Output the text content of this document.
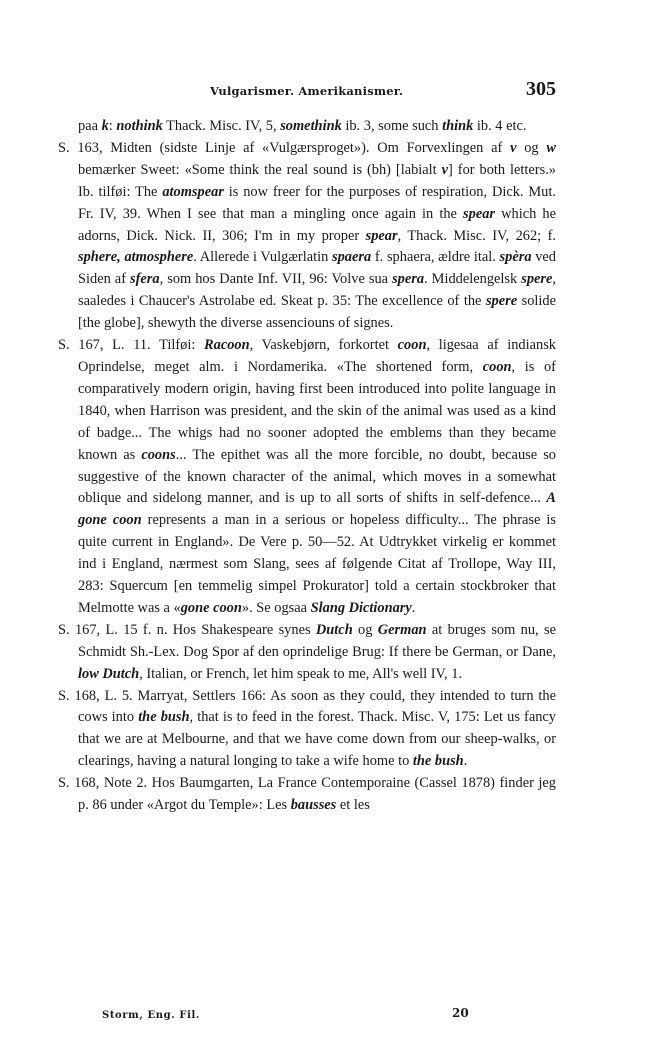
Vulgarismer. Amerikanismer.	305

paa k: nothink Thack. Misc. IV, 5, somethink ib. 3, some such think ib. 4 etc.

S. 163, Midten (sidste Linje af «Vulgærsproget»). Om Forvexlingen af v og w bemærker Sweet: «Some think the real sound is (bh) [labialt v] for both letters.» Ib. tilføi: The atomspear is now freer for the purposes of respiration, Dick. Mut. Fr. IV, 39. When I see that man a mingling once again in the spear which he adorns, Dick. Nick. II, 306; I'm in my proper spear, Thack. Misc. IV, 262; f. sphere, atmosphere. Allerede i Vulgærlatin spaera f. sphaera, ældre ital. spèra ved Siden af sfera, som hos Dante Inf. VII, 96: Volve sua spera. Middelengelsk spere, saaledes i Chaucer's Astrolabe ed. Skeat p. 35: The excellence of the spere solide [the globe], shewyth the diverse assenciouns of signes.

S. 167, L. 11. Tilføi: Racoon, Vaskebjørn, forkortet coon, ligesaa af indiansk Oprindelse, meget alm. i Nordamerika. «The shortened form, coon, is of comparatively modern origin, having first been introduced into polite language in 1840, when Harrison was president, and the skin of the animal was used as a kind of badge... The whigs had no sooner adopted the emblems than they became known as coons... The epithet was all the more forcible, no doubt, because so suggestive of the known character of the animal, which moves in a somewhat oblique and sidelong manner, and is up to all sorts of shifts in self-defence... A gone coon represents a man in a serious or hopeless difficulty... The phrase is quite current in England». De Vere p. 50—52. At Udtrykket virkelig er kommet ind i England, nærmest som Slang, sees af følgende Citat af Trollope, Way III, 283: Squercum [en temmelig simpel Prokurator] told a certain stockbroker that Melmotte was a «gone coon». Se ogsaa Slang Dictionary.

S. 167, L. 15 f. n. Hos Shakespeare synes Dutch og German at bruges som nu, se Schmidt Sh.-Lex. Dog Spor af den oprindelige Brug: If there be German, or Dane, low Dutch, Italian, or French, let him speak to me, All's well IV, 1.

S. 168, L. 5. Marryat, Settlers 166: As soon as they could, they intended to turn the cows into the bush, that is to feed in the forest. Thack. Misc. V, 175: Let us fancy that we are at Melbourne, and that we have come down from our sheep-walks, or clearings, having a natural longing to take a wife home to the bush.

S. 168, Note 2. Hos Baumgarten, La France Contemporaine (Cassel 1878) finder jeg p. 86 under «Argot du Temple»: Les bausses et les

Storm, Eng. Fil.	20
